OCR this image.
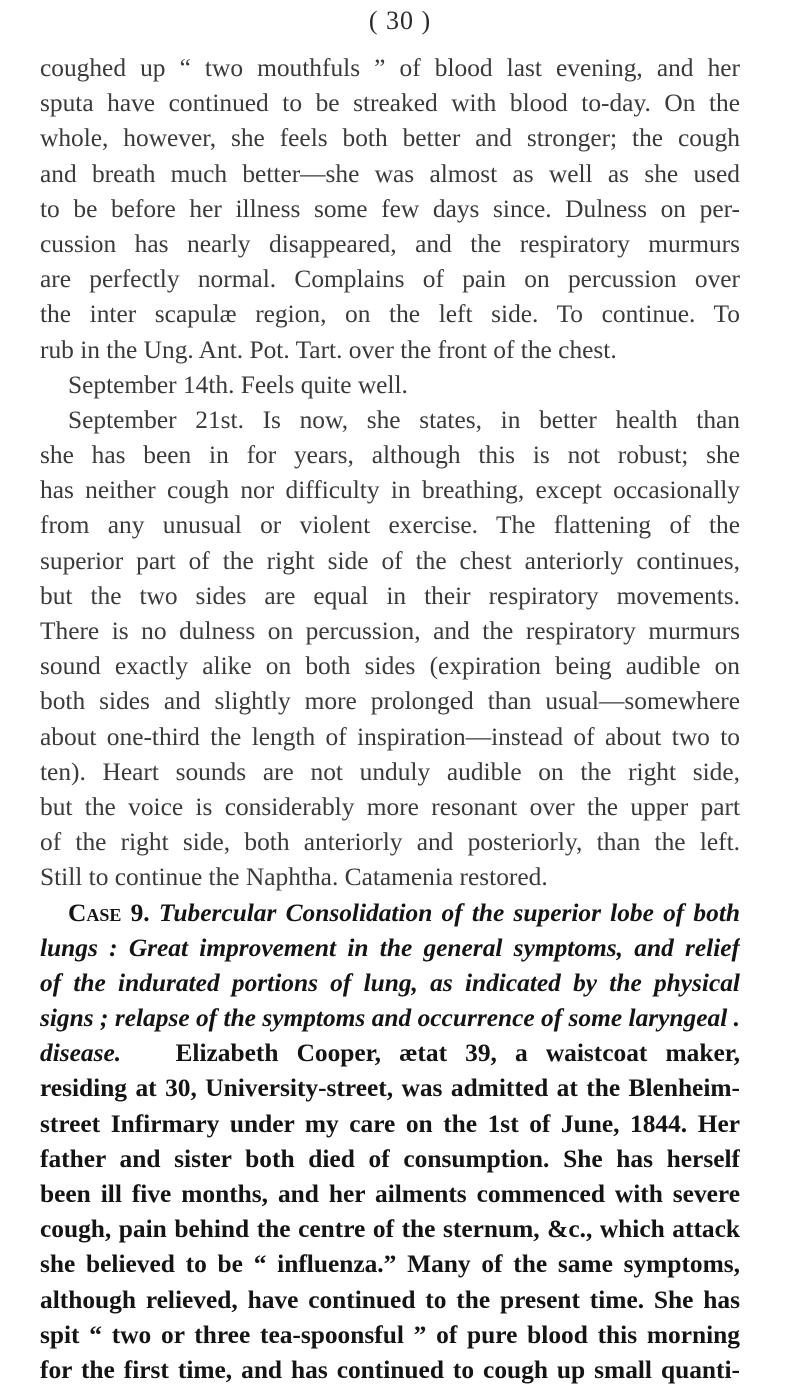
( 30 )
coughed up “ two mouthfuls ” of blood last evening, and her
sputa have continued to be streaked with blood to-day. On the
whole, however, she feels both better and stronger; the cough
and breath much better—she was almost as well as she used
to be before her illness some few days since. Dulness on per-
cussion has nearly disappeared, and the respiratory murmurs
are perfectly normal. Complains of pain on percussion over
the inter scapulæ region, on the left side. To continue. To
rub in the Ung. Ant. Pot. Tart. over the front of the chest.
September 14th. Feels quite well.
September 21st. Is now, she states, in better health than
she has been in for years, although this is not robust; she
has neither cough nor difficulty in breathing, except occasionally
from any unusual or violent exercise. The flattening of the
superior part of the right side of the chest anteriorly continues,
but the two sides are equal in their respiratory movements.
There is no dulness on percussion, and the respiratory murmurs
sound exactly alike on both sides (expiration being audible on
both sides and slightly more prolonged than usual—somewhere
about one-third the length of inspiration—instead of about two to
ten). Heart sounds are not unduly audible on the right side,
but the voice is considerably more resonant over the upper part
of the right side, both anteriorly and posteriorly, than the left.
Still to continue the Naphtha. Catamenia restored.
Case 9. Tubercular Consolidation of the superior lobe of both
lungs : Great improvement in the general symptoms, and relief
of the indurated portions of lung, as indicated by the physical
signs ; relapse of the symptoms and occurrence of some laryngeal .
disease. Elizabeth Cooper, ætat 39, a waistcoat maker,
residing at 30, University-street, was admitted at the Blenheim-
street Infirmary under my care on the 1st of June, 1844. Her
father and sister both died of consumption. She has herself
been ill five months, and her ailments commenced with severe
cough, pain behind the centre of the sternum, &c., which attack
she believed to be “ influenza.” Many of the same symptoms,
although relieved, have continued to the present time. She has
spit “ two or three tea-spoonsful ” of pure blood this morning
for the first time, and has continued to cough up small quanti-
